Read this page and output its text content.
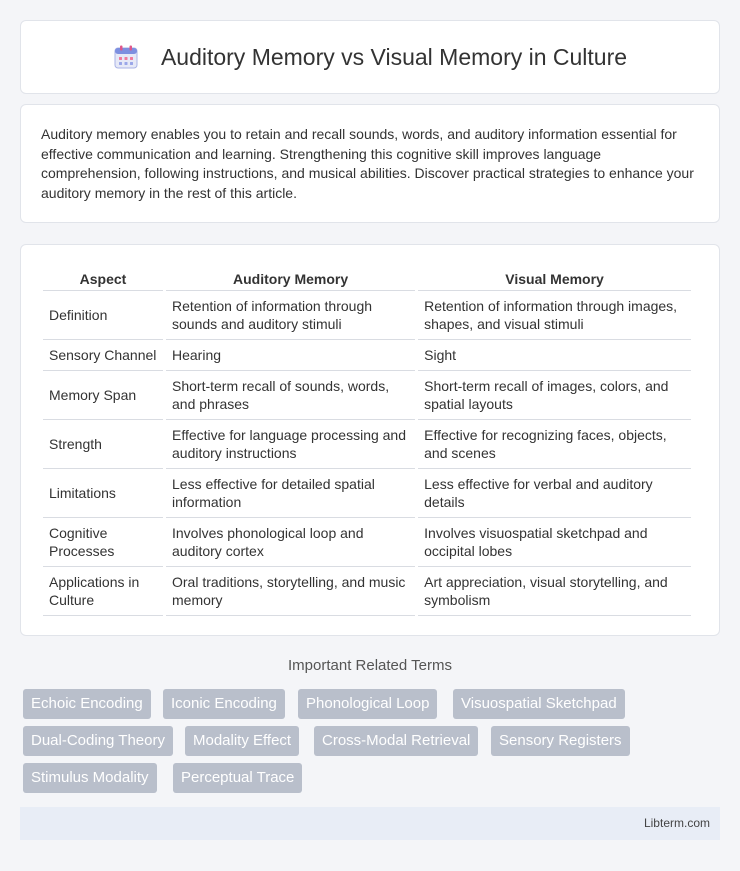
Auditory Memory vs Visual Memory in Culture

Auditory memory enables you to retain and recall sounds, words, and auditory information essential for effective communication and learning. Strengthening this cognitive skill improves language comprehension, following instructions, and musical abilities. Discover practical strategies to enhance your auditory memory in the rest of this article.

Aspect	Auditory Memory	Visual Memory
Definition	Retention of information through sounds and auditory stimuli	Retention of information through images, shapes, and visual stimuli
Sensory Channel	Hearing	Sight
Memory Span	Short-term recall of sounds, words, and phrases	Short-term recall of images, colors, and spatial layouts
Strength	Effective for language processing and auditory instructions	Effective for recognizing faces, objects, and scenes
Limitations	Less effective for detailed spatial information	Less effective for verbal and auditory details
Cognitive Processes	Involves phonological loop and auditory cortex	Involves visuospatial sketchpad and occipital lobes
Applications in Culture	Oral traditions, storytelling, and music memory	Art appreciation, visual storytelling, and symbolism
Important Related Terms
Echoic Encoding	Iconic Encoding	Phonological Loop	Visuospatial Sketchpad
Dual-Coding Theory	Modality Effect	Cross-Modal Retrieval	Sensory Registers
Stimulus Modality	Perceptual Trace
Libterm.com
